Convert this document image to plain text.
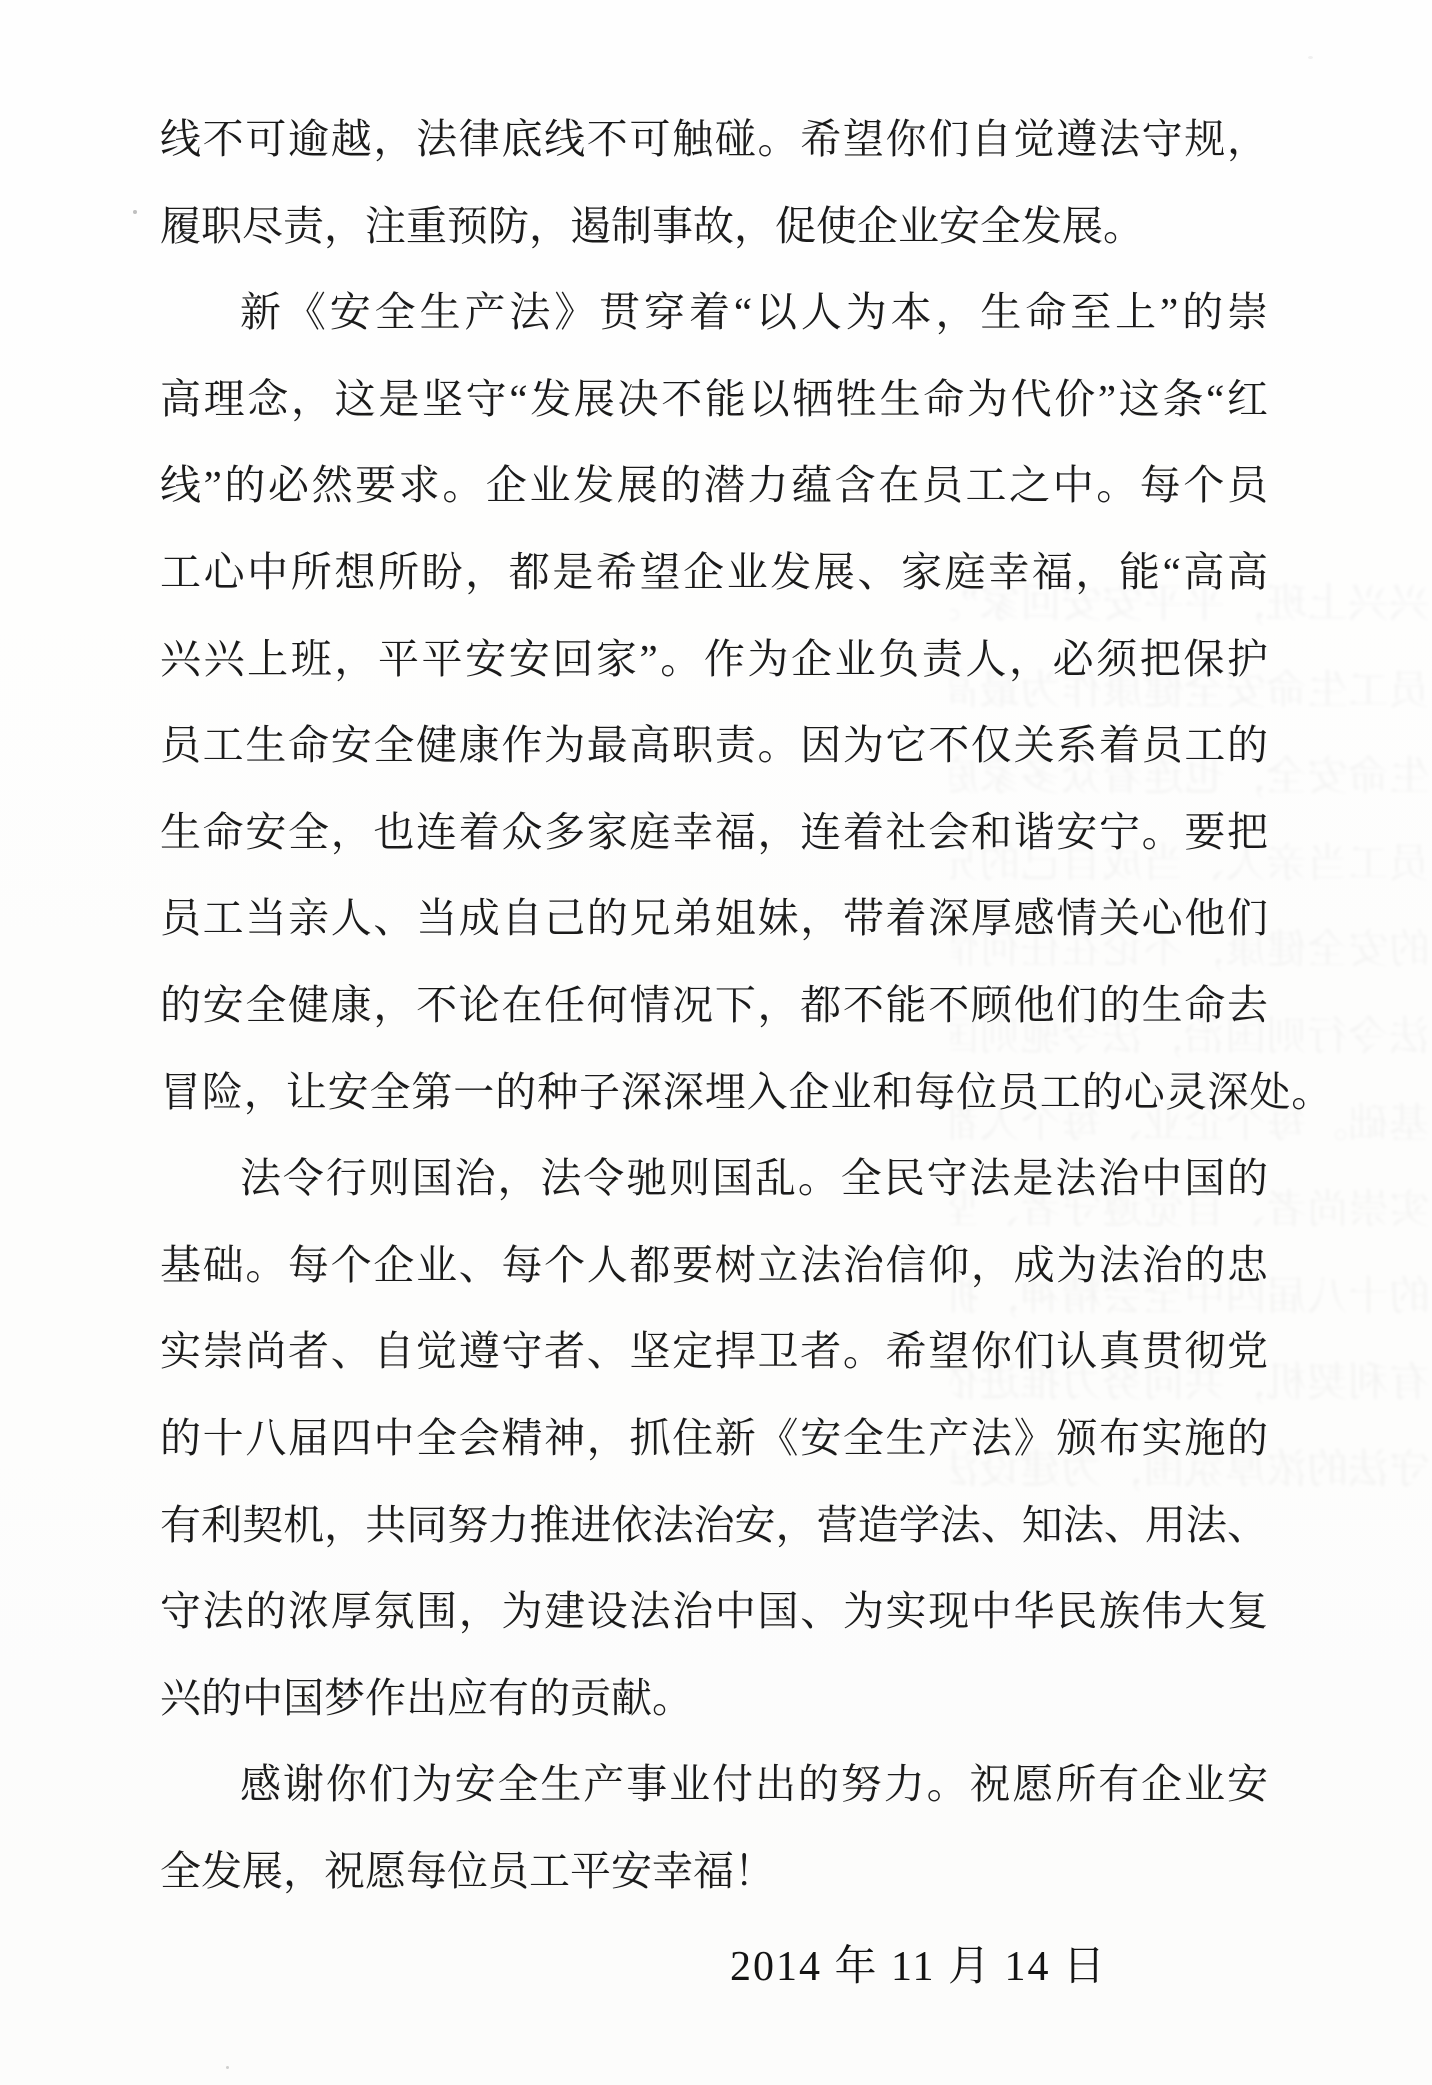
线不可逾越，法律底线不可触碰。希望你们自觉遵法守规，
履职尽责，注重预防，遏制事故，促使企业安全发展。

新《安全生产法》贯穿着“以人为本，生命至上”的崇
高理念，这是坚守“发展决不能以牺牲生命为代价”这条“红
线”的必然要求。企业发展的潜力蕴含在员工之中。每个员
工心中所想所盼，都是希望企业发展、家庭幸福，能“高高
兴兴上班，平平安安回家”。作为企业负责人，必须把保护
员工生命安全健康作为最高职责。因为它不仅关系着员工的
生命安全，也连着众多家庭幸福，连着社会和谐安宁。要把
员工当亲人、当成自己的兄弟姐妹，带着深厚感情关心他们
的安全健康，不论在任何情况下，都不能不顾他们的生命去
冒险，让安全第一的种子深深埋入企业和每位员工的心灵深处。

法令行则国治，法令驰则国乱。全民守法是法治中国的
基础。每个企业、每个人都要树立法治信仰，成为法治的忠
实崇尚者、自觉遵守者、坚定捍卫者。希望你们认真贯彻党
的十八届四中全会精神，抓住新《安全生产法》颁布实施的
有利契机，共同努力推进依法治安，营造学法、知法、用法、
守法的浓厚氛围，为建设法治中国、为实现中华民族伟大复
兴的中国梦作出应有的贡献。

感谢你们为安全生产事业付出的努力。祝愿所有企业安
全发展，祝愿每位员工平安幸福！

2014 年 11 月 14 日
